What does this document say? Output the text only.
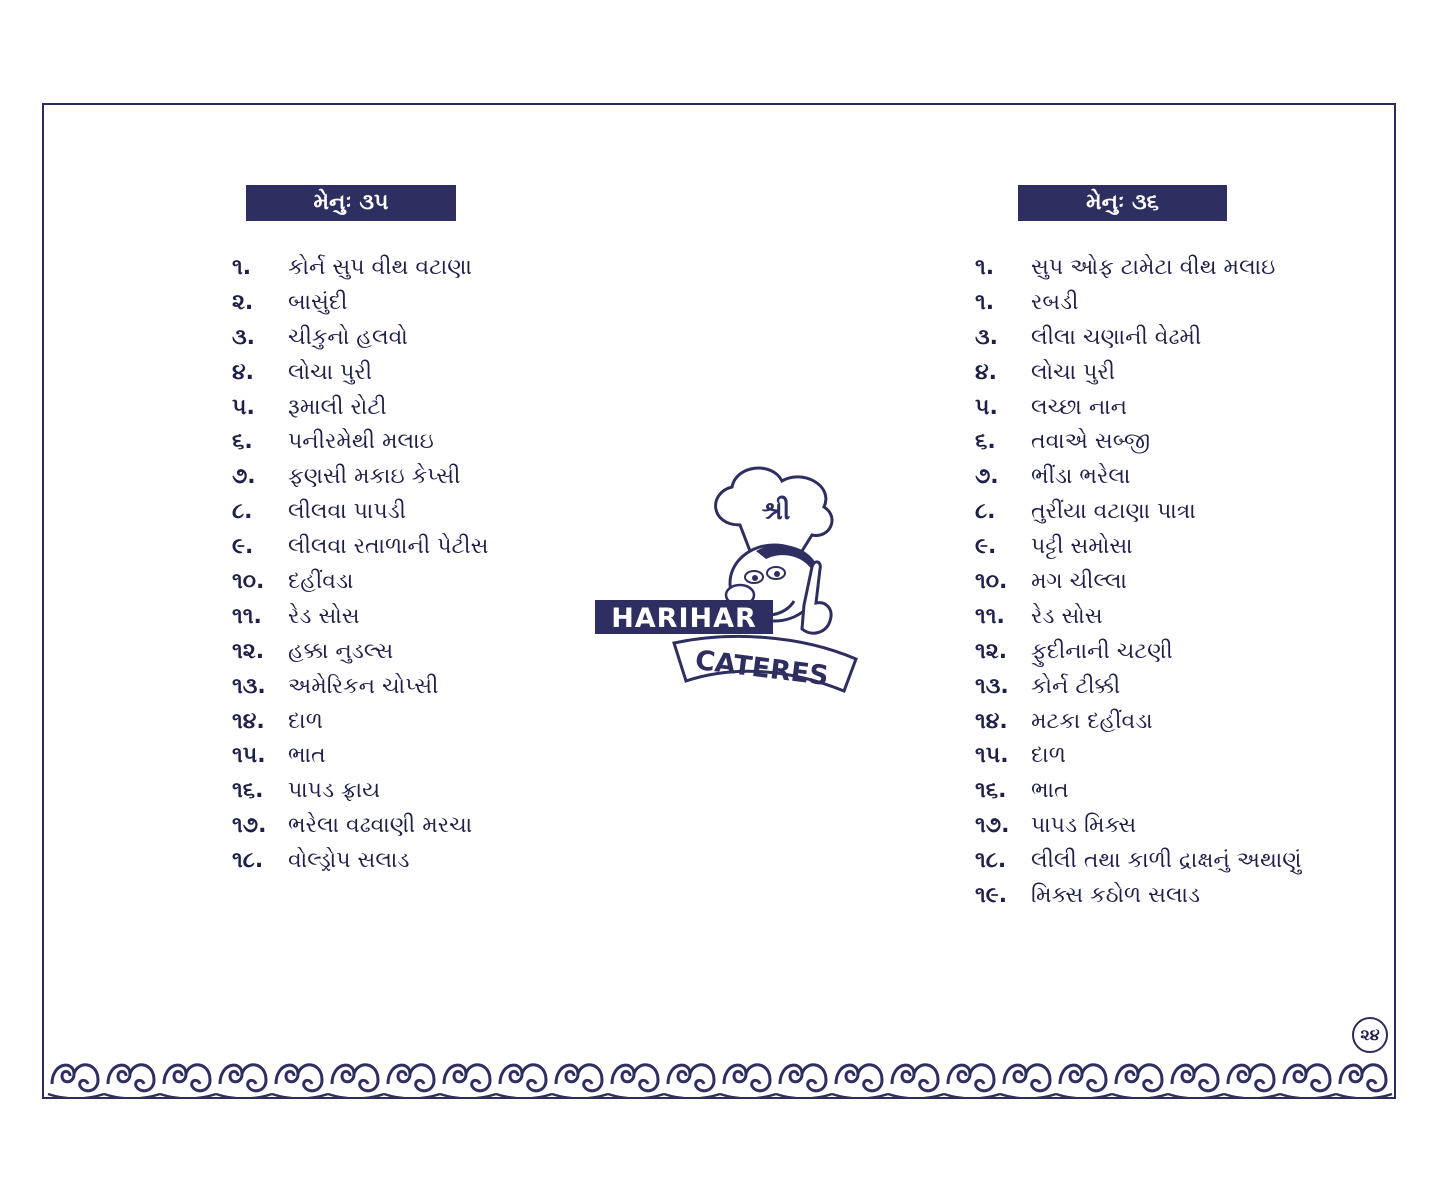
મેનુઃ ૩૫
૧.	કોર્ન સુપ વીથ વટાણા
૨.	બાસુંદી
૩.	ચીકુનો હલવો
૪.	લોચા પુરી
૫.	રૂમાલી રોટી
૬.	પનીરમેથી મલાઇ
૭.	ફણસી મકાઇ કેપ્સી
૮.	લીલવા પાપડી
૯.	લીલવા રતાળાની પેટીસ
૧૦.	દહીંવડા
૧૧.	રેડ સોસ
૧૨.	હક્કા નુડલ્સ
૧૩.	અમેરિકન ચોપ્સી
૧૪.	દાળ
૧૫.	ભાત
૧૬.	પાપડ ફ્રાય
૧૭. ભરેલા વઢવાણી મરચા
૧૮.	વોલ્ડ્રોપ સલાડ
મેનુઃ ૩૬
૧.	સુપ ઓફ ટામેટા વીથ મલાઇ
૧.	રબડી
૩.	લીલા ચણાની વેઢમી
૪.	લોચા પુરી
૫.	લચ્છા નાન
૬.	તવાએ સબ્જી
૭.	ભીંડા ભરેલા
૮.	તુરીંયા વટાણા પાત્રા
૯.	પટ્ટી સમોસા
૧૦.	મગ ચીલ્લા
૧૧.	રેડ સોસ
૧૨.	ફુદીનાની ચટણી
૧૩.	કોર્ન ટીક્કી
૧૪.	મટકા દહીંવડા
૧૫.	દાળ
૧૬.	ભાત
૧૭. પાપડ મિક્સ
૧૮.	લીલી તથા કાળી દ્રાક્ષનું અથાણું
૧૯.	મિક્સ કઠોળ સલાડ
શ્રી
HARIHAR
CATERES
૨૪
